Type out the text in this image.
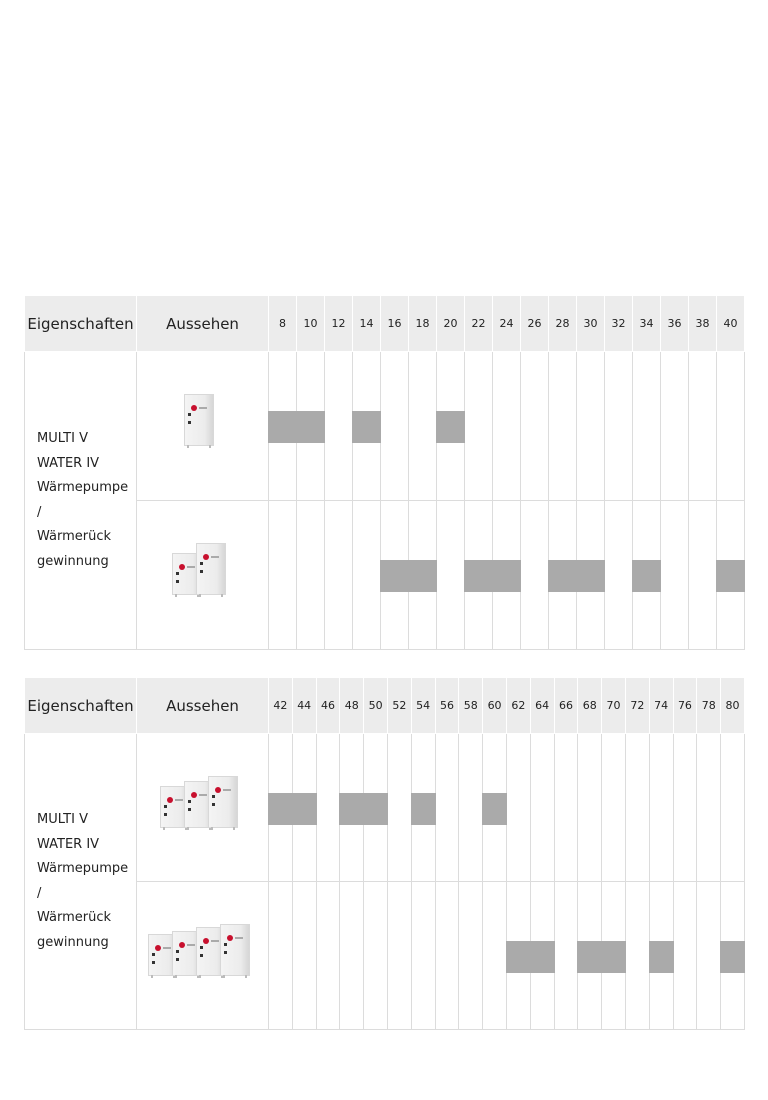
Eigenschaften	Aussehen	8	10	12	14	16	18	20	22	24	26	28	30	32	34	36	38	40

MULTI V
WATER IV
Wärmepumpe /
Wärmerück
gewinnung																		

Eigenschaften	Aussehen	42	44	46	48	50	52	54	56	58	60	62	64	66	68	70	72	74	76	78	80

MULTI V
WATER IV
Wärmepumpe /
Wärmerück
gewinnung																					
